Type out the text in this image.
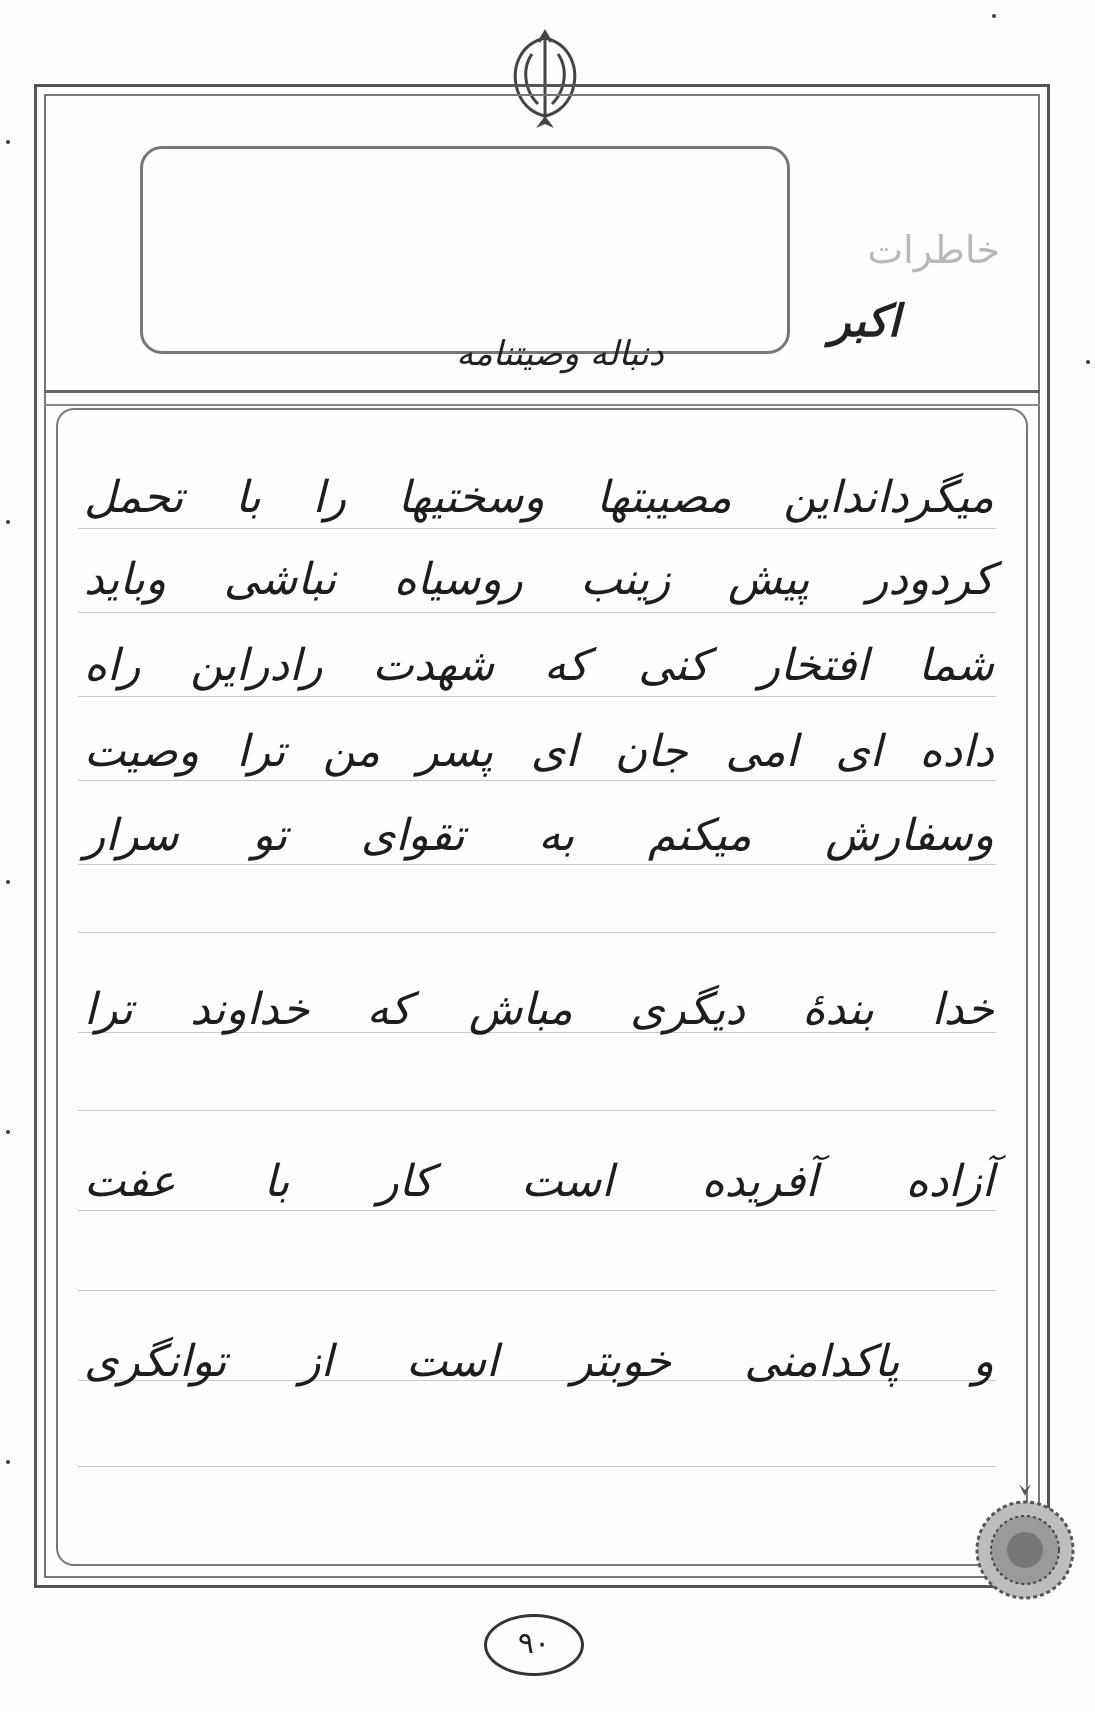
خاطرات
اکبر
دنباله وصیتنامه
میگردانداین مصیبتها وسختیها را با تحمل
کردودر پیش زینب روسیاه نباشی وباید
شما افتخار کنی که شهدت رادراین راه
داده ای امی جان ای پسر من ترا وصیت
وسفارش میکنم به تقوای تو سرار
خدا بندهٔ دیگری مباش که خداوند ترا
آزاده آفریده است کار با عفت
و پاکدامنی خوبتر است از توانگری
۹۰
